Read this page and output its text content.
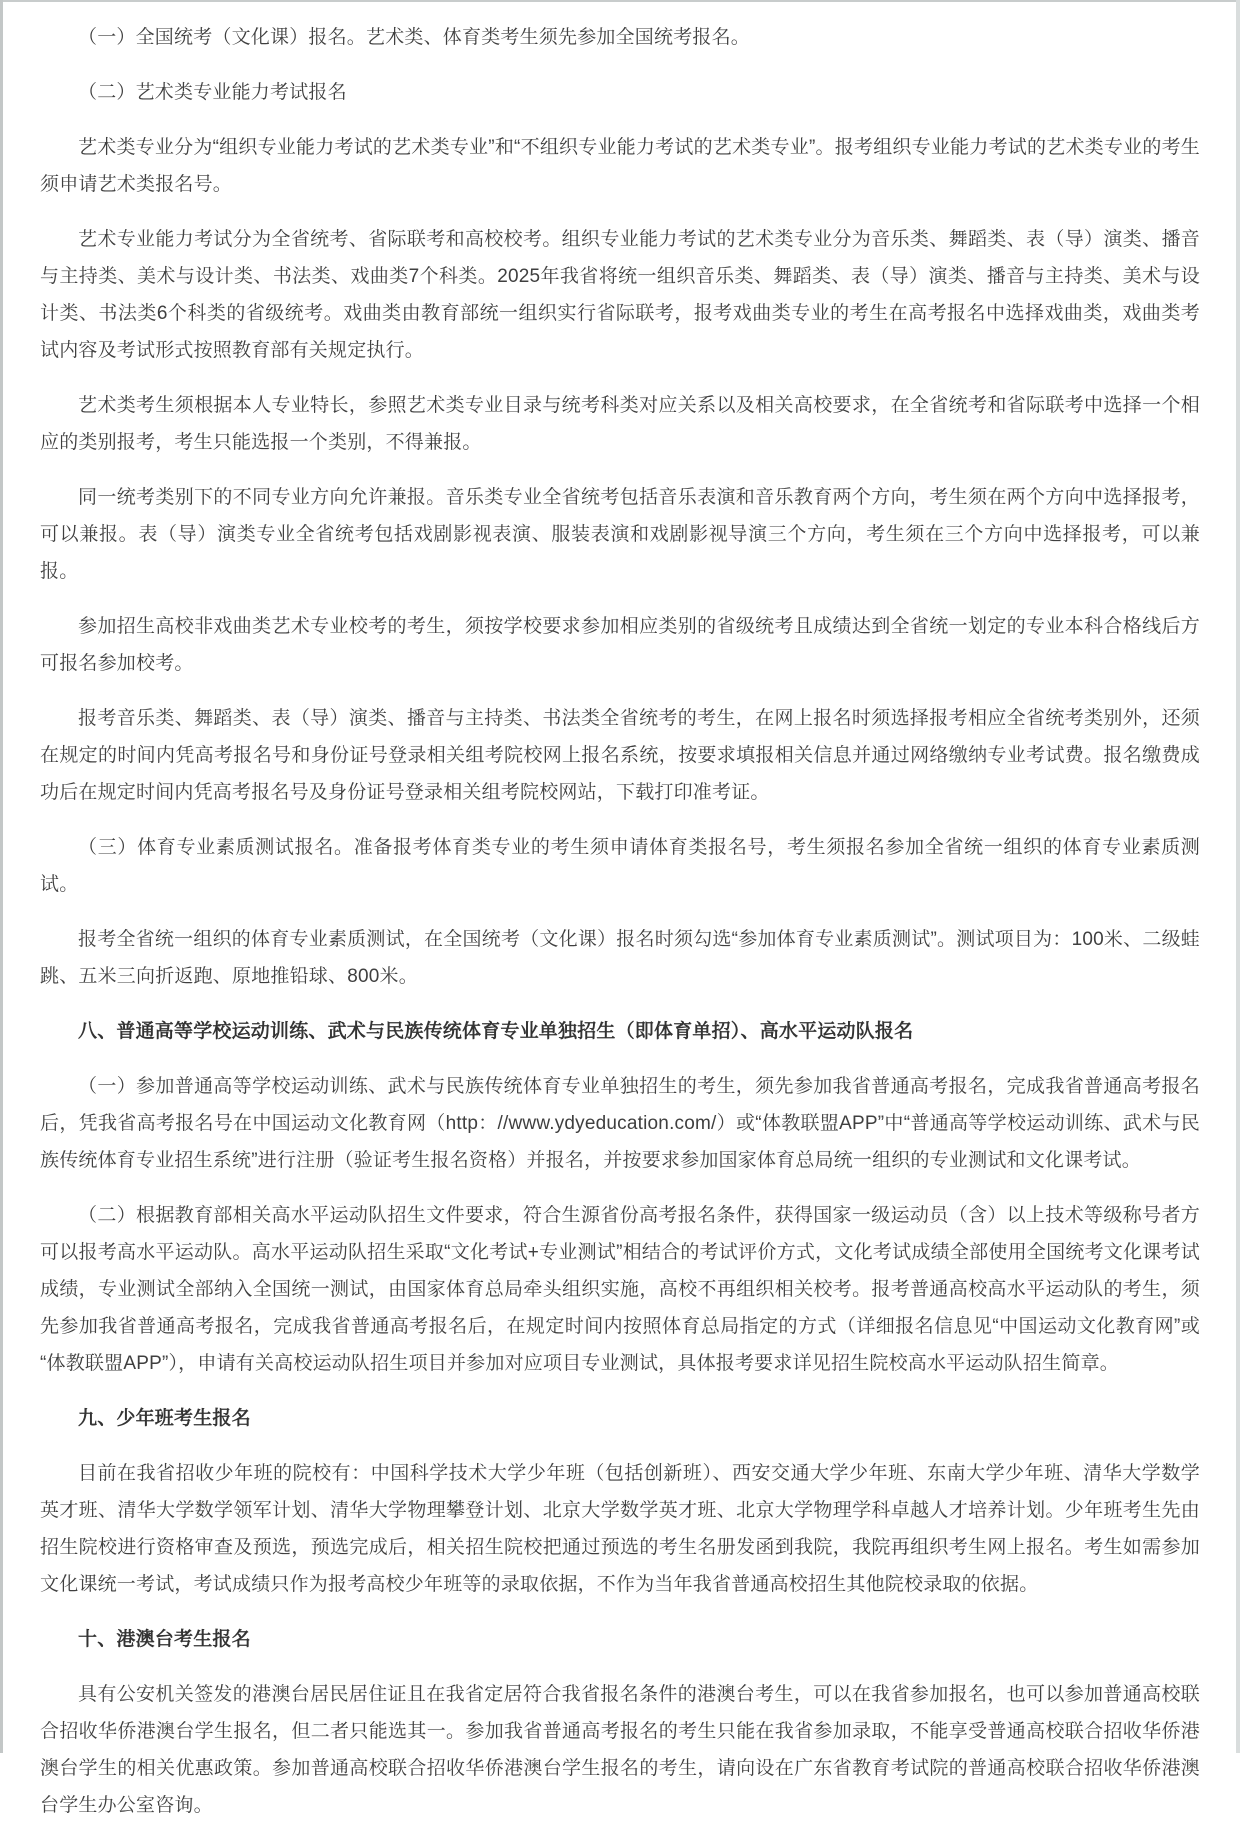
（一）全国统考（文化课）报名。艺术类、体育类考生须先参加全国统考报名。

（二）艺术类专业能力考试报名

艺术类专业分为“组织专业能力考试的艺术类专业”和“不组织专业能力考试的艺术类专业”。报考组织专业能力考试的艺术类专业的考生须申请艺术类报名号。

艺术专业能力考试分为全省统考、省际联考和高校校考。组织专业能力考试的艺术类专业分为音乐类、舞蹈类、表（导）演类、播音与主持类、美术与设计类、书法类、戏曲类7个科类。2025年我省将统一组织音乐类、舞蹈类、表（导）演类、播音与主持类、美术与设计类、书法类6个科类的省级统考。戏曲类由教育部统一组织实行省际联考，报考戏曲类专业的考生在高考报名中选择戏曲类，戏曲类考试内容及考试形式按照教育部有关规定执行。

艺术类考生须根据本人专业特长，参照艺术类专业目录与统考科类对应关系以及相关高校要求，在全省统考和省际联考中选择一个相应的类别报考，考生只能选报一个类别，不得兼报。

同一统考类别下的不同专业方向允许兼报。音乐类专业全省统考包括音乐表演和音乐教育两个方向，考生须在两个方向中选择报考，可以兼报。表（导）演类专业全省统考包括戏剧影视表演、服装表演和戏剧影视导演三个方向，考生须在三个方向中选择报考，可以兼报。

参加招生高校非戏曲类艺术专业校考的考生，须按学校要求参加相应类别的省级统考且成绩达到全省统一划定的专业本科合格线后方可报名参加校考。

报考音乐类、舞蹈类、表（导）演类、播音与主持类、书法类全省统考的考生，在网上报名时须选择报考相应全省统考类别外，还须在规定的时间内凭高考报名号和身份证号登录相关组考院校网上报名系统，按要求填报相关信息并通过网络缴纳专业考试费。报名缴费成功后在规定时间内凭高考报名号及身份证号登录相关组考院校网站，下载打印准考证。

（三）体育专业素质测试报名。准备报考体育类专业的考生须申请体育类报名号，考生须报名参加全省统一组织的体育专业素质测试。

报考全省统一组织的体育专业素质测试，在全国统考（文化课）报名时须勾选“参加体育专业素质测试”。测试项目为：100米、二级蛙跳、五米三向折返跑、原地推铅球、800米。

八、普通高等学校运动训练、武术与民族传统体育专业单独招生（即体育单招）、高水平运动队报名

（一）参加普通高等学校运动训练、武术与民族传统体育专业单独招生的考生，须先参加我省普通高考报名，完成我省普通高考报名后，凭我省高考报名号在中国运动文化教育网（http：//www.ydyeducation.com/）或“体教联盟APP”中“普通高等学校运动训练、武术与民族传统体育专业招生系统”进行注册（验证考生报名资格）并报名，并按要求参加国家体育总局统一组织的专业测试和文化课考试。

（二）根据教育部相关高水平运动队招生文件要求，符合生源省份高考报名条件，获得国家一级运动员（含）以上技术等级称号者方可以报考高水平运动队。高水平运动队招生采取“文化考试+专业测试”相结合的考试评价方式，文化考试成绩全部使用全国统考文化课考试成绩，专业测试全部纳入全国统一测试，由国家体育总局牵头组织实施，高校不再组织相关校考。报考普通高校高水平运动队的考生，须先参加我省普通高考报名，完成我省普通高考报名后，在规定时间内按照体育总局指定的方式（详细报名信息见“中国运动文化教育网”或“体教联盟APP”），申请有关高校运动队招生项目并参加对应项目专业测试，具体报考要求详见招生院校高水平运动队招生简章。

九、少年班考生报名

目前在我省招收少年班的院校有：中国科学技术大学少年班（包括创新班）、西安交通大学少年班、东南大学少年班、清华大学数学英才班、清华大学数学领军计划、清华大学物理攀登计划、北京大学数学英才班、北京大学物理学科卓越人才培养计划。少年班考生先由招生院校进行资格审查及预选，预选完成后，相关招生院校把通过预选的考生名册发函到我院，我院再组织考生网上报名。考生如需参加文化课统一考试，考试成绩只作为报考高校少年班等的录取依据，不作为当年我省普通高校招生其他院校录取的依据。

十、港澳台考生报名

具有公安机关签发的港澳台居民居住证且在我省定居符合我省报名条件的港澳台考生，可以在我省参加报名，也可以参加普通高校联合招收华侨港澳台学生报名，但二者只能选其一。参加我省普通高考报名的考生只能在我省参加录取，不能享受普通高校联合招收华侨港澳台学生的相关优惠政策。参加普通高校联合招收华侨港澳台学生报名的考生，请向设在广东省教育考试院的普通高校联合招收华侨港澳台学生办公室咨询。
